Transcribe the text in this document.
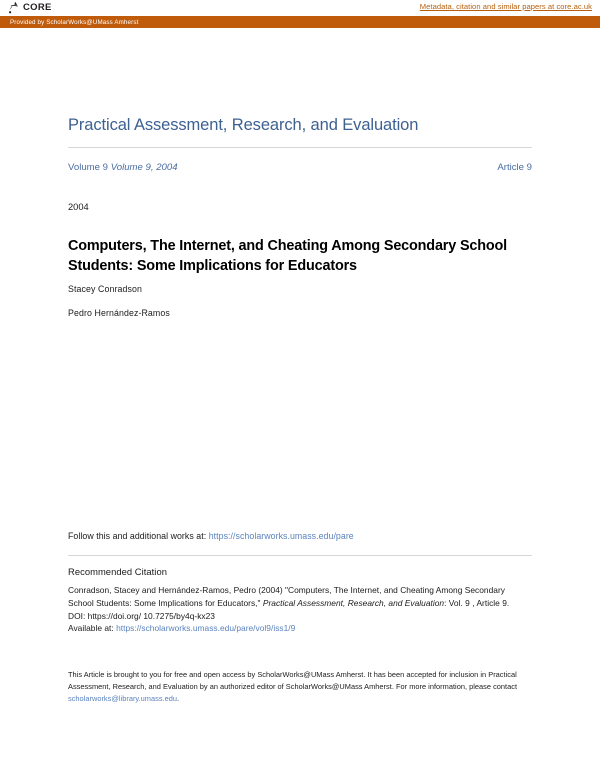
CORE	Metadata, citation and similar papers at core.ac.uk
Provided by ScholarWorks@UMass Amherst
Practical Assessment, Research, and Evaluation
Volume 9 Volume 9, 2004	Article 9
2004
Computers, The Internet, and Cheating Among Secondary School Students: Some Implications for Educators
Stacey Conradson
Pedro Hernández-Ramos
Follow this and additional works at: https://scholarworks.umass.edu/pare
Recommended Citation
Conradson, Stacey and Hernández-Ramos, Pedro (2004) "Computers, The Internet, and Cheating Among Secondary School Students: Some Implications for Educators," Practical Assessment, Research, and Evaluation: Vol. 9 , Article 9.
DOI: https://doi.org/ 10.7275/by4q-kx23
Available at: https://scholarworks.umass.edu/pare/vol9/iss1/9
This Article is brought to you for free and open access by ScholarWorks@UMass Amherst. It has been accepted for inclusion in Practical Assessment, Research, and Evaluation by an authorized editor of ScholarWorks@UMass Amherst. For more information, please contact scholarworks@library.umass.edu.
